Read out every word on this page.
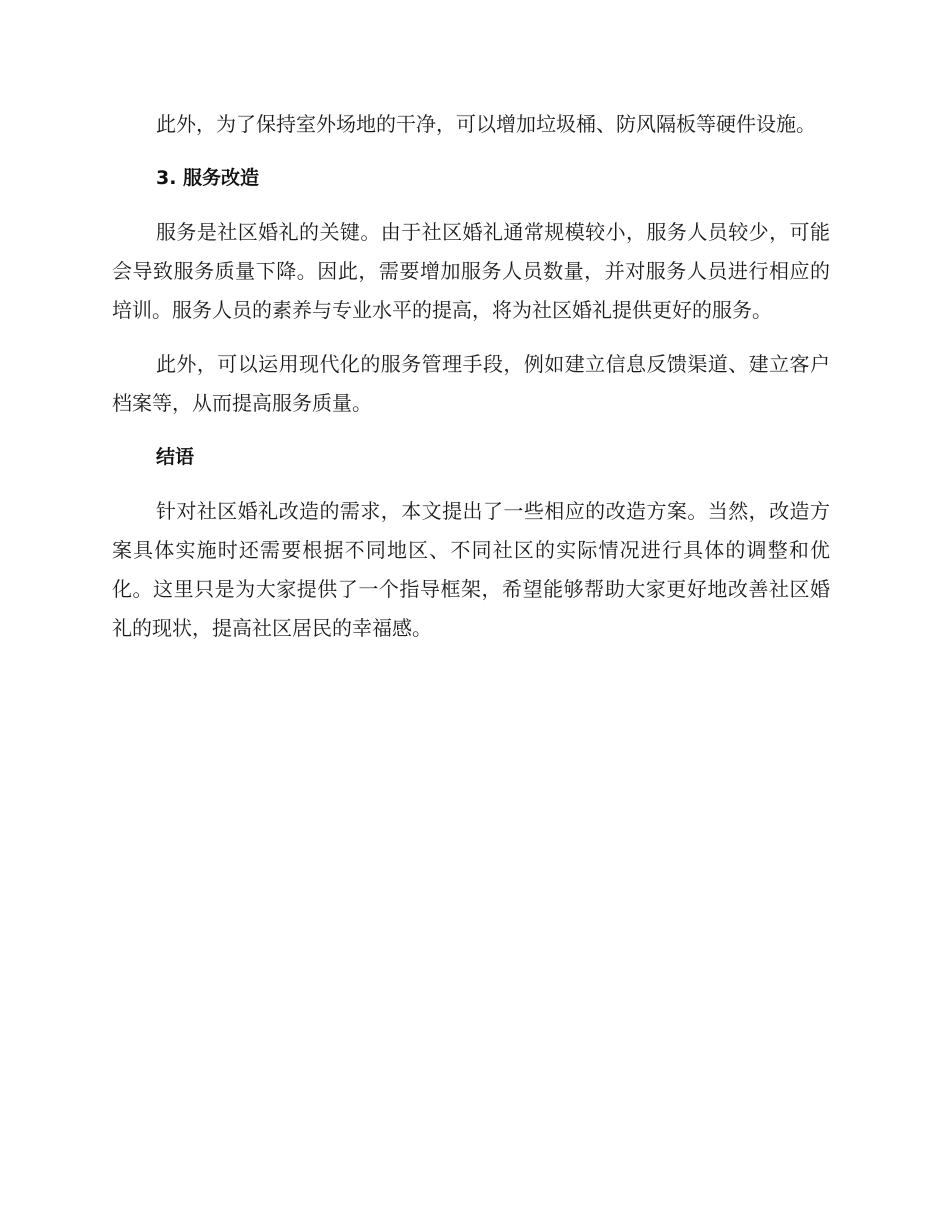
此外，为了保持室外场地的干净，可以增加垃圾桶、防风隔板等硬件设施。

3. 服务改造

服务是社区婚礼的关键。由于社区婚礼通常规模较小，服务人员较少，可能会导致服务质量下降。因此，需要增加服务人员数量，并对服务人员进行相应的培训。服务人员的素养与专业水平的提高，将为社区婚礼提供更好的服务。

此外，可以运用现代化的服务管理手段，例如建立信息反馈渠道、建立客户档案等，从而提高服务质量。

结语

针对社区婚礼改造的需求，本文提出了一些相应的改造方案。当然，改造方案具体实施时还需要根据不同地区、不同社区的实际情况进行具体的调整和优化。这里只是为大家提供了一个指导框架，希望能够帮助大家更好地改善社区婚礼的现状，提高社区居民的幸福感。
